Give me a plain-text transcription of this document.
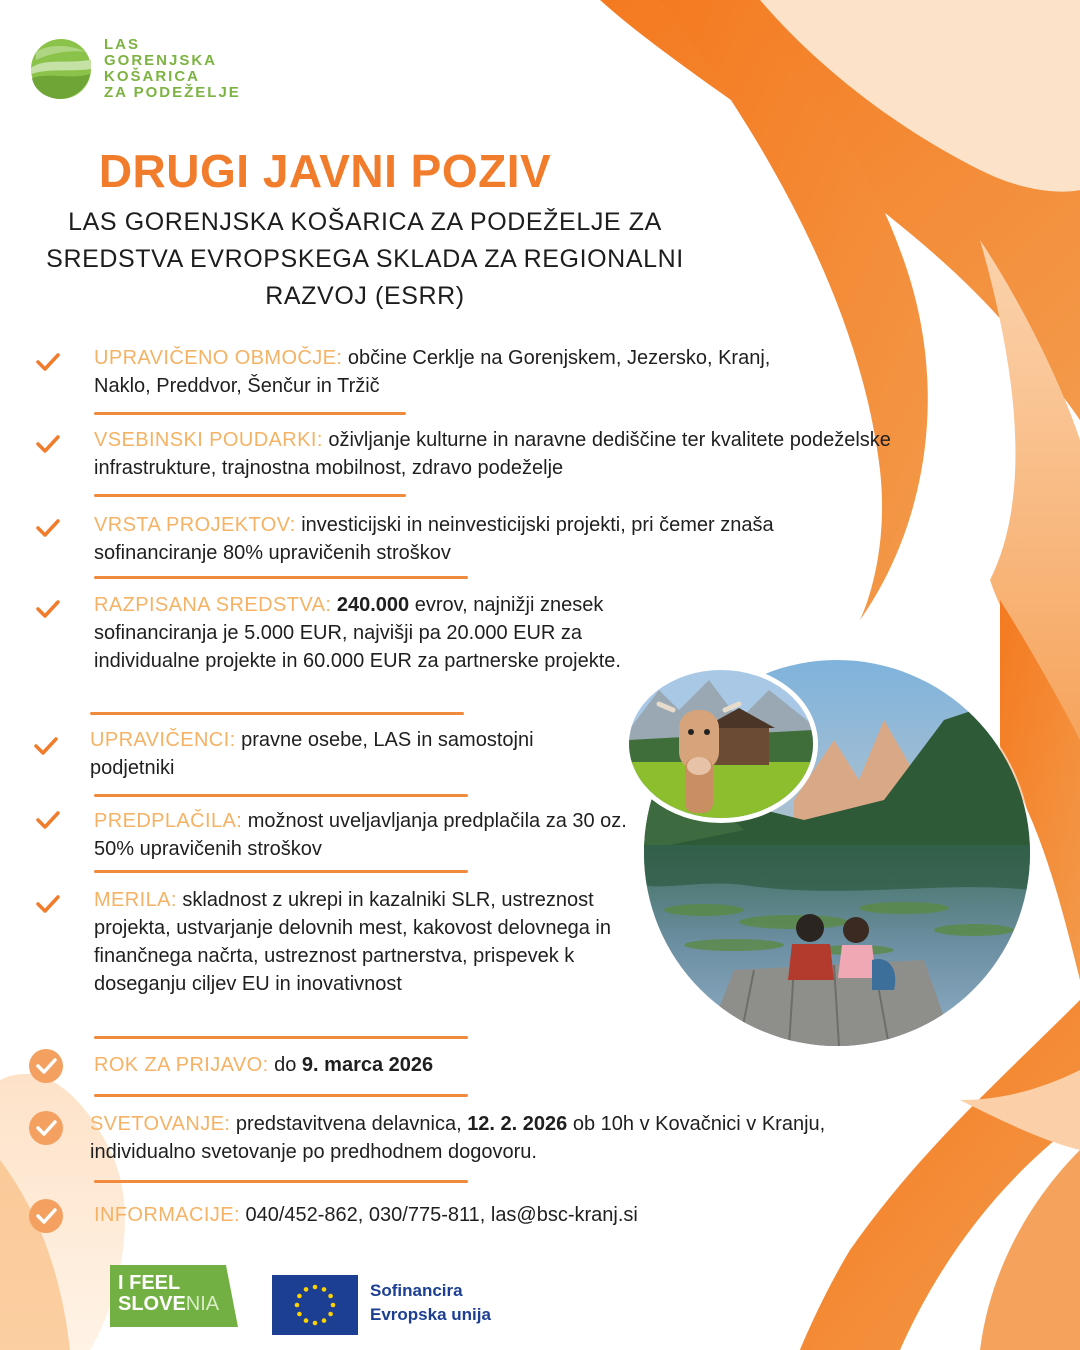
LAS
GORENJSKA
KOŠARICA
ZA PODEŽELJE
DRUGI JAVNI POZIV
LAS GORENJSKA KOŠARICA ZA PODEŽELJE ZA
SREDSTVA EVROPSKEGA SKLADA ZA REGIONALNI
RAZVOJ (ESRR)
UPRAVIČENO OBMOČJE: občine Cerklje na Gorenjskem, Jezersko, Kranj, Naklo, Preddvor, Šenčur in Tržič
VSEBINSKI POUDARKI: oživljanje kulturne in naravne dediščine ter kvalitete podeželske infrastrukture, trajnostna mobilnost, zdravo podeželje
VRSTA PROJEKTOV: investicijski in neinvesticijski projekti, pri čemer znaša sofinanciranje 80% upravičenih stroškov
RAZPISANA SREDSTVA: 240.000 evrov, najnižji znesek sofinanciranja je 5.000 EUR, najvišji pa 20.000 EUR za individualne projekte in 60.000 EUR za partnerske projekte.
UPRAVIČENCI: pravne osebe, LAS in samostojni podjetniki
PREDPLAČILA: možnost uveljavljanja predplačila za 30 oz. 50% upravičenih stroškov
MERILA: skladnost z ukrepi in kazalniki SLR, ustreznost projekta, ustvarjanje delovnih mest, kakovost delovnega in finančnega načrta, ustreznost partnerstva, prispevek k doseganju ciljev EU in inovativnost
ROK ZA PRIJAVO: do 9. marca 2026
SVETOVANJE: predstavitvena delavnica, 12. 2. 2026 ob 10h v Kovačnici v Kranju, individualno svetovanje po predhodnem dogovoru.
INFORMACIJE: 040/452-862, 030/775-811, las@bsc-kranj.si
I FEEL
SLOVENIA
Sofinancira
Evropska unija
